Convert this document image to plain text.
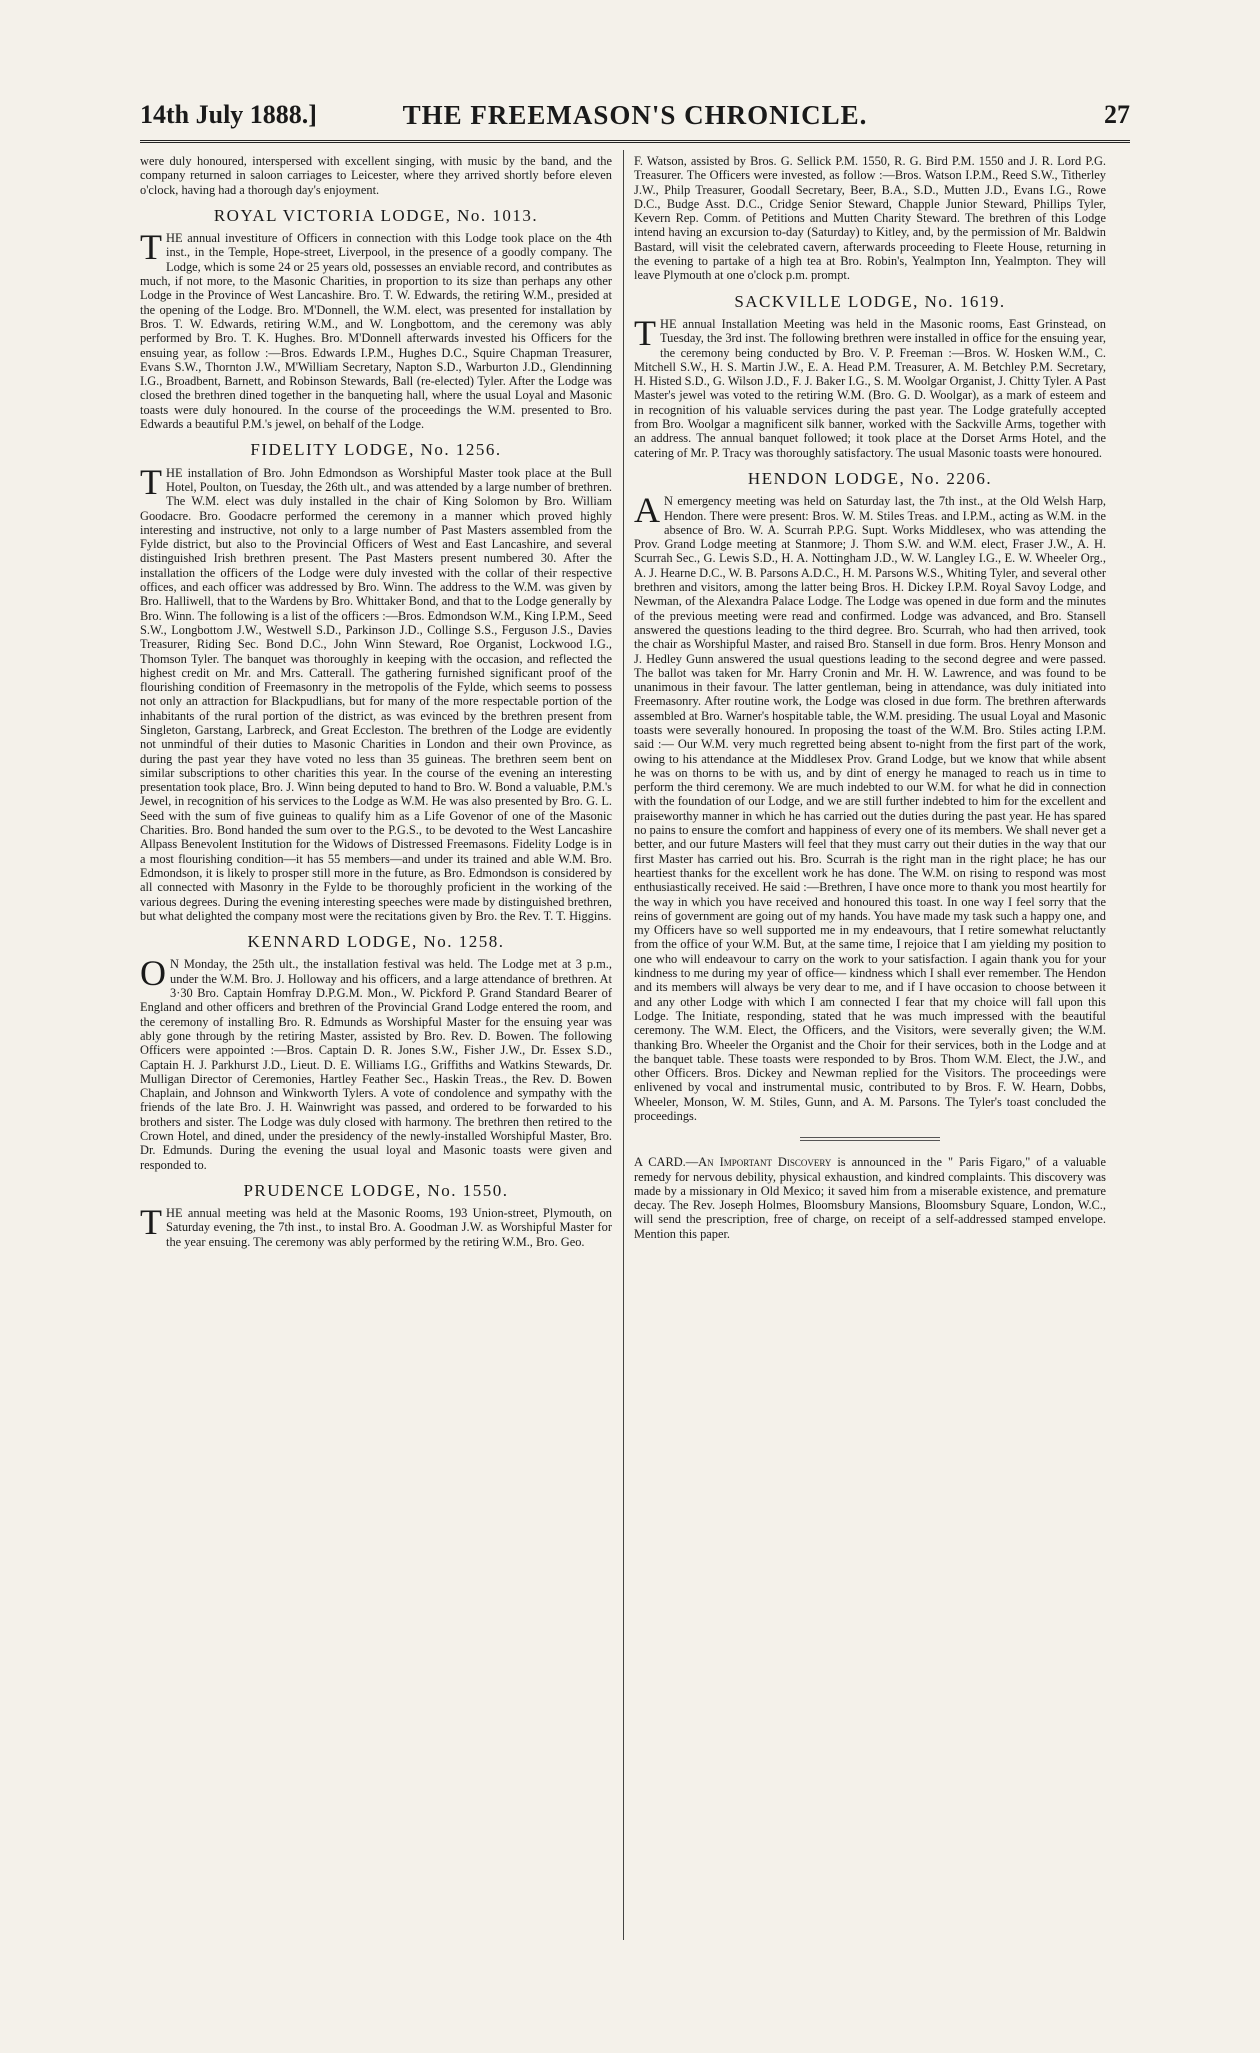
14th July 1888.]	THE FREEMASON'S CHRONICLE.	27

were duly honoured, interspersed with excellent singing, with music by the band, and the company returned in saloon carriages to Leicester, where they arrived shortly before eleven o'clock, having had a thorough day's enjoyment.

ROYAL VICTORIA LODGE, No. 1013.

THE annual investiture of Officers in connection with this Lodge took place on the 4th inst., in the Temple, Hope-street, Liverpool, in the presence of a goodly company. The Lodge, which is some 24 or 25 years old, possesses an enviable record, and contributes as much, if not more, to the Masonic Charities, in proportion to its size than perhaps any other Lodge in the Province of West Lancashire. Bro. T. W. Edwards, the retiring W.M., presided at the opening of the Lodge. Bro. M'Donnell, the W.M. elect, was presented for installation by Bros. T. W. Edwards, retiring W.M., and W. Longbottom, and the ceremony was ably performed by Bro. T. K. Hughes. Bro. M'Donnell afterwards invested his Officers for the ensuing year, as follow :—Bros. Edwards I.P.M., Hughes D.C., Squire Chapman Treasurer, Evans S.W., Thornton J.W., M'William Secretary, Napton S.D., Warburton J.D., Glendinning I.G., Broadbent, Barnett, and Robinson Stewards, Ball (re-elected) Tyler. After the Lodge was closed the brethren dined together in the banqueting hall, where the usual Loyal and Masonic toasts were duly honoured. In the course of the proceedings the W.M. presented to Bro. Edwards a beautiful P.M.'s jewel, on behalf of the Lodge.

FIDELITY LODGE, No. 1256.

THE installation of Bro. John Edmondson as Worshipful Master took place at the Bull Hotel, Poulton, on Tuesday, the 26th ult., and was attended by a large number of brethren. The W.M. elect was duly installed in the chair of King Solomon by Bro. William Goodacre. Bro. Goodacre performed the ceremony in a manner which proved highly interesting and instructive, not only to a large number of Past Masters assembled from the Fylde district, but also to the Provincial Officers of West and East Lancashire, and several distinguished Irish brethren present. The Past Masters present numbered 30. After the installation the officers of the Lodge were duly invested with the collar of their respective offices, and each officer was addressed by Bro. Winn. The address to the W.M. was given by Bro. Halliwell, that to the Wardens by Bro. Whittaker Bond, and that to the Lodge generally by Bro. Winn. The following is a list of the officers :—Bros. Edmondson W.M., King I.P.M., Seed S.W., Longbottom J.W., Westwell S.D., Parkinson J.D., Collinge S.S., Ferguson J.S., Davies Treasurer, Riding Sec. Bond D.C., John Winn Steward, Roe Organist, Lockwood I.G., Thomson Tyler. The banquet was thoroughly in keeping with the occasion, and reflected the highest credit on Mr. and Mrs. Catterall. The gathering furnished significant proof of the flourishing condition of Freemasonry in the metropolis of the Fylde, which seems to possess not only an attraction for Blackpudlians, but for many of the more respectable portion of the inhabitants of the rural portion of the district, as was evinced by the brethren present from Singleton, Garstang, Larbreck, and Great Eccleston. The brethren of the Lodge are evidently not unmindful of their duties to Masonic Charities in London and their own Province, as during the past year they have voted no less than 35 guineas. The brethren seem bent on similar subscriptions to other charities this year. In the course of the evening an interesting presentation took place, Bro. J. Winn being deputed to hand to Bro. W. Bond a valuable, P.M.'s Jewel, in recognition of his services to the Lodge as W.M. He was also presented by Bro. G. L. Seed with the sum of five guineas to qualify him as a Life Govenor of one of the Masonic Charities. Bro. Bond handed the sum over to the P.G.S., to be devoted to the West Lancashire Allpass Benevolent Institution for the Widows of Distressed Freemasons. Fidelity Lodge is in a most flourishing condition—it has 55 members—and under its trained and able W.M. Bro. Edmondson, it is likely to prosper still more in the future, as Bro. Edmondson is considered by all connected with Masonry in the Fylde to be thoroughly proficient in the working of the various degrees. During the evening interesting speeches were made by distinguished brethren, but what delighted the company most were the recitations given by Bro. the Rev. T. T. Higgins.

KENNARD LODGE, No. 1258.

O N Monday, the 25th ult., the installation festival was held. The Lodge met at 3 p.m., under the W.M. Bro. J. Holloway and his officers, and a large attendance of brethren. At 3·30 Bro. Captain Homfray D.P.G.M. Mon., W. Pickford P. Grand Standard Bearer of England and other officers and brethren of the Provincial Grand Lodge entered the room, and the ceremony of installing Bro. R. Edmunds as Worshipful Master for the ensuing year was ably gone through by the retiring Master, assisted by Bro. Rev. D. Bowen. The following Officers were appointed :—Bros. Captain D. R. Jones S.W., Fisher J.W., Dr. Essex S.D., Captain H. J. Parkhurst J.D., Lieut. D. E. Williams I.G., Griffiths and Watkins Stewards, Dr. Mulligan Director of Ceremonies, Hartley Feather Sec., Haskin Treas., the Rev. D. Bowen Chaplain, and Johnson and Winkworth Tylers. A vote of condolence and sympathy with the friends of the late Bro. J. H. Wainwright was passed, and ordered to be forwarded to his brothers and sister. The Lodge was duly closed with harmony. The brethren then retired to the Crown Hotel, and dined, under the presidency of the newly-installed Worshipful Master, Bro. Dr. Edmunds. During the evening the usual loyal and Masonic toasts were given and responded to.

PRUDENCE LODGE, No. 1550.

THE annual meeting was held at the Masonic Rooms, 193 Union-street, Plymouth, on Saturday evening, the 7th inst., to instal Bro. A. Goodman J.W. as Worshipful Master for the year ensuing. The ceremony was ably performed by the retiring W.M., Bro. Geo.

F. Watson, assisted by Bros. G. Sellick P.M. 1550, R. G. Bird P.M. 1550 and J. R. Lord P.G. Treasurer. The Officers were invested, as follow :—Bros. Watson I.P.M., Reed S.W., Titherley J.W., Philp Treasurer, Goodall Secretary, Beer, B.A., S.D., Mutten J.D., Evans I.G., Rowe D.C., Budge Asst. D.C., Cridge Senior Steward, Chapple Junior Steward, Phillips Tyler, Kevern Rep. Comm. of Petitions and Mutten Charity Steward. The brethren of this Lodge intend having an excursion to-day (Saturday) to Kitley, and, by the permission of Mr. Baldwin Bastard, will visit the celebrated cavern, afterwards proceeding to Fleete House, returning in the evening to partake of a high tea at Bro. Robin's, Yealmpton Inn, Yealmpton. They will leave Plymouth at one o'clock p.m. prompt.

SACKVILLE LODGE, No. 1619.

THE annual Installation Meeting was held in the Masonic rooms, East Grinstead, on Tuesday, the 3rd inst. The following brethren were installed in office for the ensuing year, the ceremony being conducted by Bro. V. P. Freeman :—Bros. W. Hosken W.M., C. Mitchell S.W., H. S. Martin J.W., E. A. Head P.M. Treasurer, A. M. Betchley P.M. Secretary, H. Histed S.D., G. Wilson J.D., F. J. Baker I.G., S. M. Woolgar Organist, J. Chitty Tyler. A Past Master's jewel was voted to the retiring W.M. (Bro. G. D. Woolgar), as a mark of esteem and in recognition of his valuable services during the past year. The Lodge gratefully accepted from Bro. Woolgar a magnificent silk banner, worked with the Sackville Arms, together with an address. The annual banquet followed; it took place at the Dorset Arms Hotel, and the catering of Mr. P. Tracy was thoroughly satisfactory. The usual Masonic toasts were honoured.

HENDON LODGE, No. 2206.

A N emergency meeting was held on Saturday last, the 7th inst., at the Old Welsh Harp, Hendon. There were present: Bros. W. M. Stiles Treas. and I.P.M., acting as W.M. in the absence of Bro. W. A. Scurrah P.P.G. Supt. Works Middlesex, who was attending the Prov. Grand Lodge meeting at Stanmore; J. Thom S.W. and W.M. elect, Fraser J.W., A. H. Scurrah Sec., G. Lewis S.D., H. A. Nottingham J.D., W. W. Langley I.G., E. W. Wheeler Org., A. J. Hearne D.C., W. B. Parsons A.D.C., H. M. Parsons W.S., Whiting Tyler, and several other brethren and visitors, among the latter being Bros. H. Dickey I.P.M. Royal Savoy Lodge, and Newman, of the Alexandra Palace Lodge. The Lodge was opened in due form and the minutes of the previous meeting were read and confirmed. Lodge was advanced, and Bro. Stansell answered the questions leading to the third degree. Bro. Scurrah, who had then arrived, took the chair as Worshipful Master, and raised Bro. Stansell in due form. Bros. Henry Monson and J. Hedley Gunn answered the usual questions leading to the second degree and were passed. The ballot was taken for Mr. Harry Cronin and Mr. H. W. Lawrence, and was found to be unanimous in their favour. The latter gentleman, being in attendance, was duly initiated into Freemasonry. After routine work, the Lodge was closed in due form. The brethren afterwards assembled at Bro. Warner's hospitable table, the W.M. presiding. The usual Loyal and Masonic toasts were severally honoured. In proposing the toast of the W.M. Bro. Stiles acting I.P.M. said :— Our W.M. very much regretted being absent to-night from the first part of the work, owing to his attendance at the Middlesex Prov. Grand Lodge, but we know that while absent he was on thorns to be with us, and by dint of energy he managed to reach us in time to perform the third ceremony. We are much indebted to our W.M. for what he did in connection with the foundation of our Lodge, and we are still further indebted to him for the excellent and praiseworthy manner in which he has carried out the duties during the past year. He has spared no pains to ensure the comfort and happiness of every one of its members. We shall never get a better, and our future Masters will feel that they must carry out their duties in the way that our first Master has carried out his. Bro. Scurrah is the right man in the right place; he has our heartiest thanks for the excellent work he has done. The W.M. on rising to respond was most enthusiastically received. He said :—Brethren, I have once more to thank you most heartily for the way in which you have received and honoured this toast. In one way I feel sorry that the reins of government are going out of my hands. You have made my task such a happy one, and my Officers have so well supported me in my endeavours, that I retire somewhat reluctantly from the office of your W.M. But, at the same time, I rejoice that I am yielding my position to one who will endeavour to carry on the work to your satisfaction. I again thank you for your kindness to me during my year of office— kindness which I shall ever remember. The Hendon and its members will always be very dear to me, and if I have occasion to choose between it and any other Lodge with which I am connected I fear that my choice will fall upon this Lodge. The Initiate, responding, stated that he was much impressed with the beautiful ceremony. The W.M. Elect, the Officers, and the Visitors, were severally given; the W.M. thanking Bro. Wheeler the Organist and the Choir for their services, both in the Lodge and at the banquet table. These toasts were responded to by Bros. Thom W.M. Elect, the J.W., and other Officers. Bros. Dickey and Newman replied for the Visitors. The proceedings were enlivened by vocal and instrumental music, contributed to by Bros. F. W. Hearn, Dobbs, Wheeler, Monson, W. M. Stiles, Gunn, and A. M. Parsons. The Tyler's toast concluded the proceedings.

A CARD.—An Important Discovery is announced in the " Paris Figaro," of a valuable remedy for nervous debility, physical exhaustion, and kindred complaints. This discovery was made by a missionary in Old Mexico; it saved him from a miserable existence, and premature decay. The Rev. Joseph Holmes, Bloomsbury Mansions, Bloomsbury Square, London, W.C., will send the prescription, free of charge, on receipt of a self-addressed stamped envelope. Mention this paper.
